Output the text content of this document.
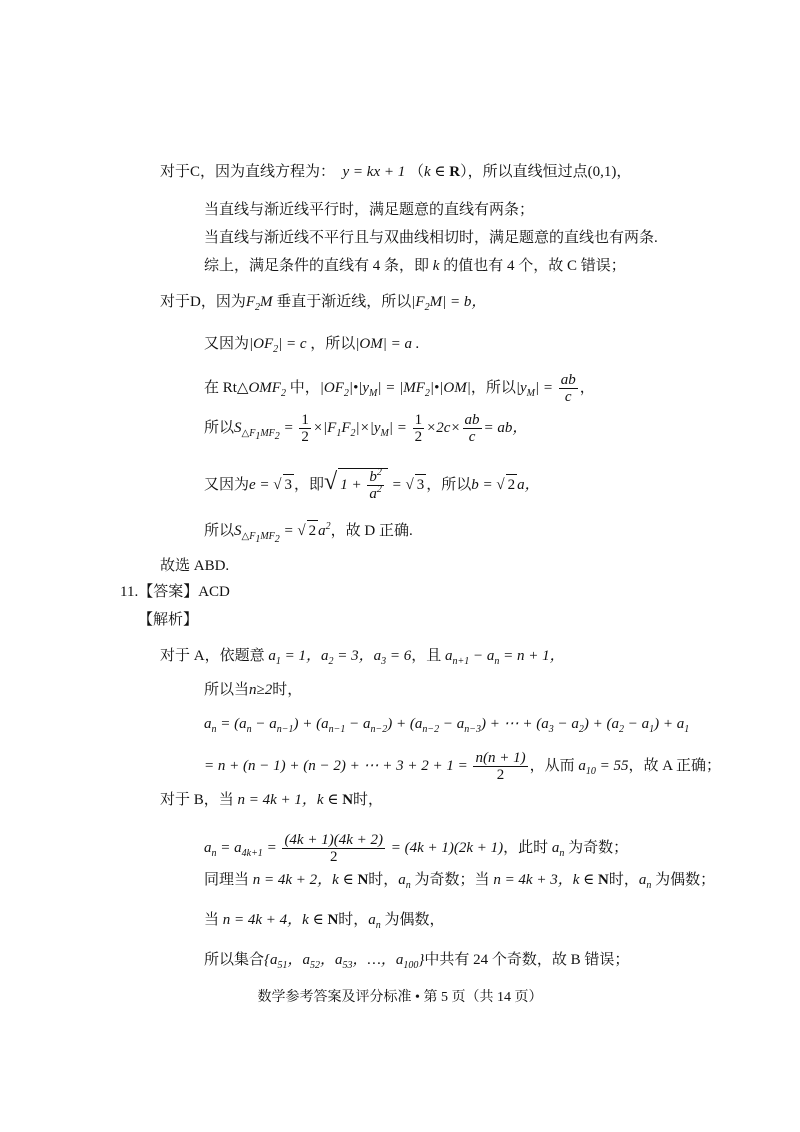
对于C，因为直线方程为：  y = kx + 1 （k ∈ R），所以直线恒过点(0,1)，
当直线与渐近线平行时，满足题意的直线有两条；
当直线与渐近线不平行且与双曲线相切时，满足题意的直线也有两条.
综上，满足条件的直线有 4 条，即 k 的值也有 4 个，故 C 错误；
对于D，因为$F_2M$ 垂直于渐近线，所以$|F_2M| = b$，
又因为$|OF_2| = c$ ，所以|OM| = a .
在 $Rt\triangle OMF_2$ 中，$|OF_2|•|y_M|$ = $|MF_2|•|OM|$，所以$|y_M| = \frac{ab}{c}$ ，
所以$S_{\triangle F_1MF_2} = \frac{1}{2} \times|F_1F_2|\times|y_M| = \frac{1}{2} \times 2c\times \frac{ab}{c}$ = ab，
又因为e = √ 3 ，即√ $1 + \frac{b^2}{a^2}$ = √ 3 ，所以b = √ 2 a，
所以$S_{\triangle F_1MF_2}$ = √ 2 $a^2$，故 D 正确.
故选 ABD.
11.【答案】ACD
【解析】
对于 A，依题意 $a_1 = 1$，$a_2 = 3$，$a_3 = 6$，且 $a_{n+1} - a_n = n + 1$，
所以当n≥2时，
$a_n = (a_n - a_{n-1}) + (a_{n-1} - a_{n-2}) + (a_{n-2} - a_{n-3})$ + ⋯ + $(a_3 - a_2) + (a_2 - a_1) + a_1$
= n + (n − 1) + (n − 2) + ⋯ + $3 + 2 + 1 = \frac{n(n + 1)}{2}$ ，从而 $a_{10} = 55$，故 A 正确；
对于 B，当 n = 4k + 1，k ∈ N时，
$a_n = a_{4k+1} = \frac{(4k + 1)(4k + 2)}{2} = (4k + 1)(2k + 1)$，此时 $a_n$ 为奇数；
同理当 n = 4k + 2，k ∈ N时，$a_n$ 为奇数；当 n = 4k + 3，k ∈ N时，$a_n$ 为偶数；
当 n = 4k + 4，k ∈ N时，$a_n$ 为偶数，
所以集合{$a_{51}$，$a_{52}$，$a_{53}$，…，$a_{100}$}中共有 24 个奇数，故 B 错误；
数学参考答案及评分标准 • 第 5 页（共 14 页）
